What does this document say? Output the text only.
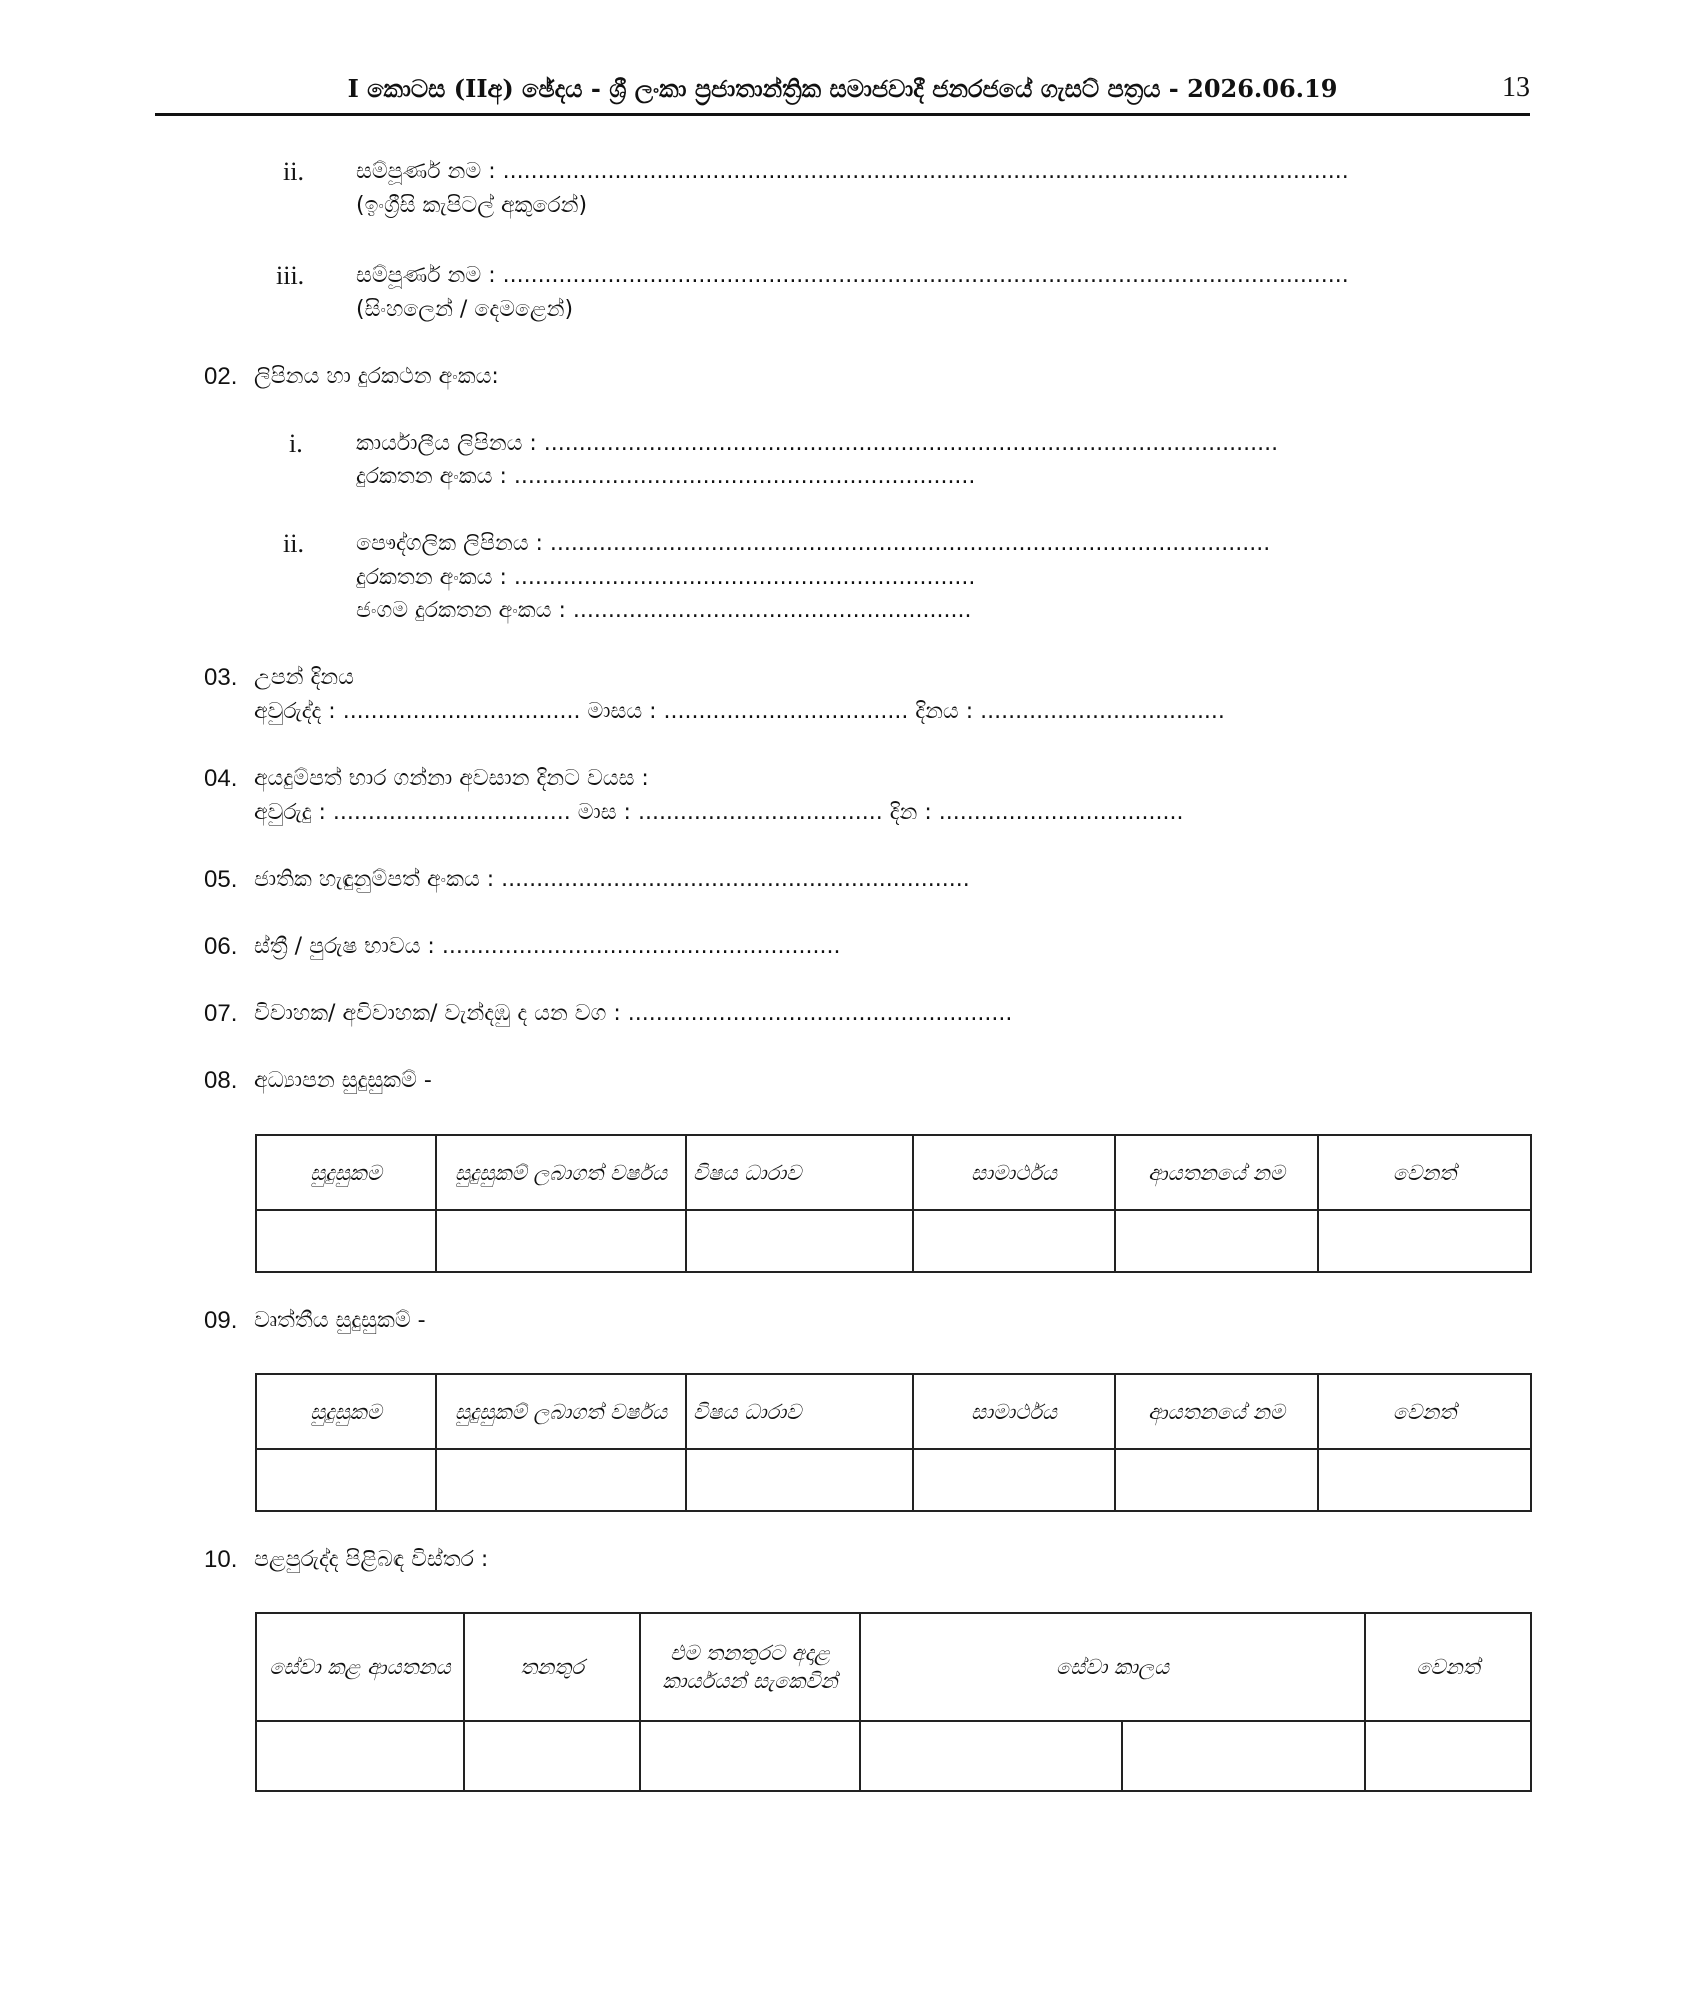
I කොටස (IIඅ) ඡේදය - ශ්‍රී ලංකා ප්‍රජාතාන්ත්‍රික සමාජවාදී ජනරජයේ ගැසට් පත්‍රය - 2026.06.19	13
ii. සම්පූර්ණ නම : .........................................................................................................................
(ඉංග්‍රීසි කැපිටල් අකුරෙන්)
iii. සම්පූර්ණ නම : .........................................................................................................................
(සිංහලෙන් / දෙමළෙන්)
02. ලිපිනය හා දුරකථන අංකය:
i. කාර්යාලීය ලිපිනය : .........................................................................................................
දුරකතන අංකය : ..................................................................
ii. පෞද්ගලික ලිපිනය : .......................................................................................................
දුරකතන අංකය : ..................................................................
ජංගම දුරකතන අංකය : .........................................................
03. උපන් දිනය
අවුරුද්ද : .................................. මාසය : ................................... දිනය : ...................................
04. අයදුම්පත් භාර ගන්නා අවසාන දිනට වයස :
අවුරුදු : .................................. මාස : ................................... දින : ...................................
05. ජාතික හැඳුනුම්පත් අංකය : ...................................................................
06. ස්ත්‍රී / පුරුෂ භාවය : .........................................................
07. විවාහක/ අවිවාහක/ වැන්දඹු ද යන වග : .......................................................
08. අධ්‍යාපන සුදුසුකම් -
සුදුසුකම	සුදුසුකම් ලබාගත් වර්ෂය	විෂය ධාරාව	සාමාර්ථය	ආයතනයේ නම	වෙනත්

09. වෘත්තීය සුදුසුකම් -
සුදුසුකම	සුදුසුකම් ලබාගත් වර්ෂය	විෂය ධාරාව	සාමාර්ථය	ආයතනයේ නම	වෙනත්

10. පළපුරුද්ද පිළිබඳ විස්තර :
සේවා කළ ආයතනය	තනතුර	එම තනතුරට අදාළ කාර්යයන් සැකෙවින්	සේවා කාලය		වෙනත්
